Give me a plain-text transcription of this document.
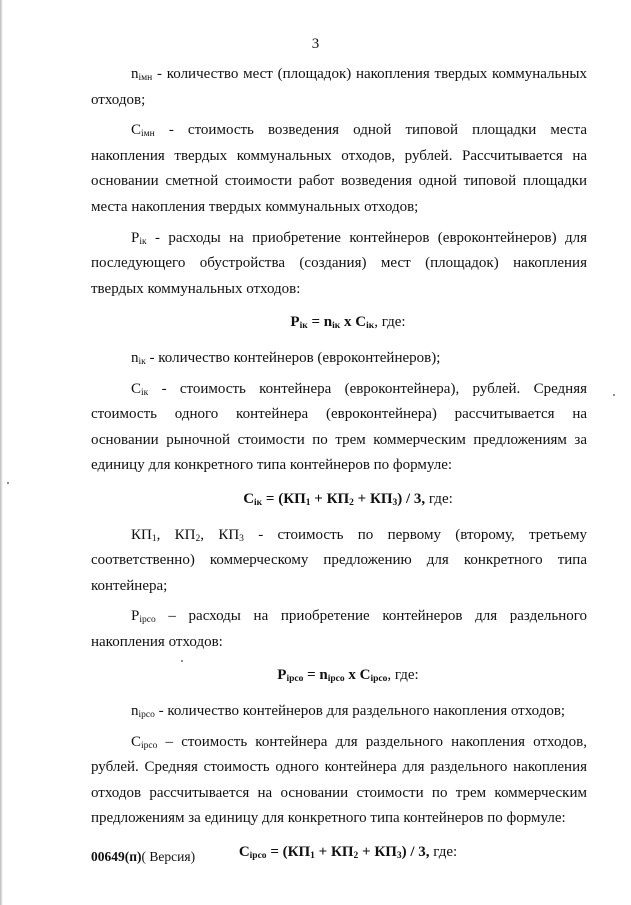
3

$n_{імн}$ - количество мест (площадок) накопления твердых коммунальных отходов;

$С_{імн}$ - стоимость возведения одной типовой площадки места накопления твердых коммунальных отходов, рублей. Рассчитывается на основании сметной стоимости работ возведения одной типовой площадки места накопления твердых коммунальных отходов;

$Р_{ік}$ - расходы на приобретение контейнеров (евроконтейнеров) для последующего обустройства (создания) мест (площадок) накопления твердых коммунальных отходов:

$Р_{ік} = n_{ік}$ х $С_{ік}$, где:

$n_{ік}$ - количество контейнеров (евроконтейнеров);

$С_{ік}$ - стоимость контейнера (евроконтейнера), рублей. Средняя стоимость одного контейнера (евроконтейнера) рассчитывается на основании рыночной стоимости по трем коммерческим предложениям за единицу для конкретного типа контейнеров по формуле:

$С_{ік} = (КП_1 + КП_2 + КП_3) / 3$, где:

$КП_1$, $КП_2$, $КП_3$ - стоимость по первому (второму, третьему соответственно) коммерческому предложению для конкретного типа контейнера;

$Р_{ірсо}$ – расходы на приобретение контейнеров для раздельного накопления отходов:

$Р_{ірсо} = n_{ірсо}$ х $С_{ірсо}$, где:

$n_{ірсо}$ - количество контейнеров для раздельного накопления отходов;

$С_{ірсо}$ – стоимость контейнера для раздельного накопления отходов, рублей. Средняя стоимость одного контейнера для раздельного накопления отходов рассчитывается на основании стоимости по трем коммерческим предложениям за единицу для конкретного типа контейнеров по формуле:

$С_{ірсо} = (КП_1 + КП_2 + КП_3) / 3$, где:
00649(п)( Версия)
